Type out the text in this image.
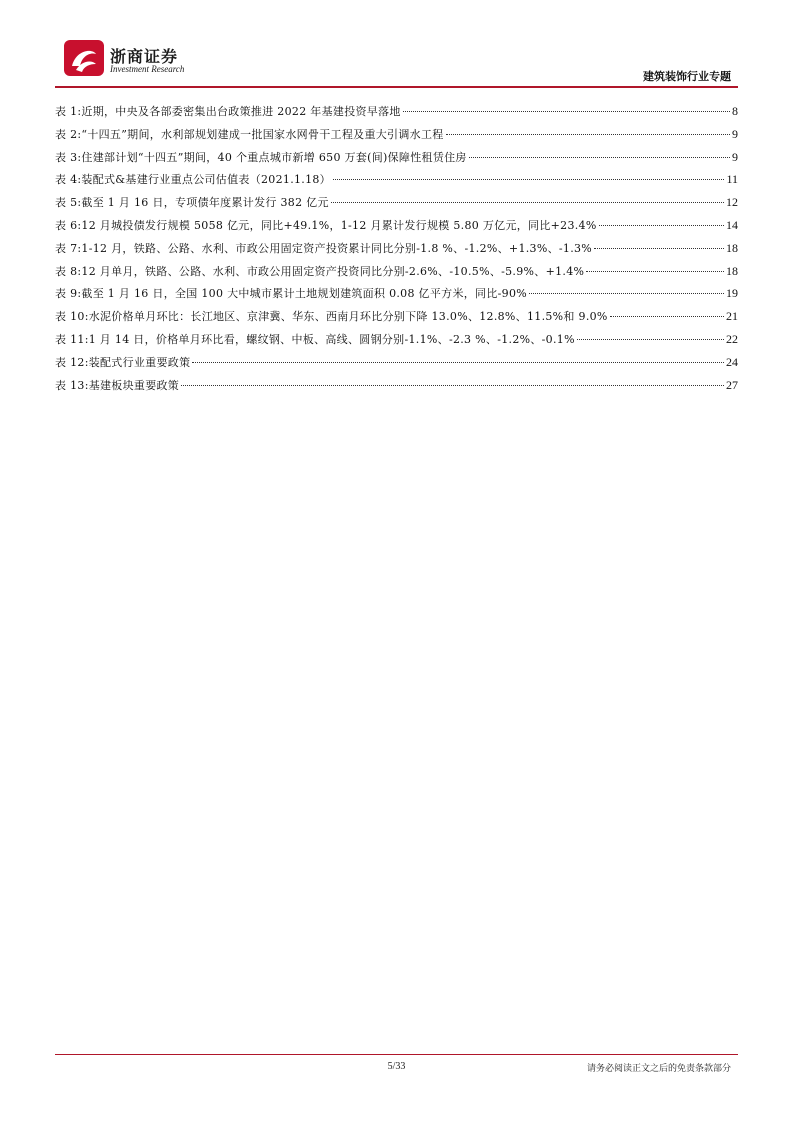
浙商证券
Investment Research
建筑装饰行业专题
表 1: 近期，中央及各部委密集出台政策推进 2022 年基建投资早落地	8
表 2: “十四五”期间，水利部规划建成一批国家水网骨干工程及重大引调水工程	9
表 3: 住建部计划“十四五”期间，40 个重点城市新增 650 万套(间)保障性租赁住房	9
表 4: 装配式&基建行业重点公司估值表（2021.1.18）	11
表 5: 截至 1 月 16 日，专项债年度累计发行 382 亿元	12
表 6: 12 月城投债发行规模 5058 亿元，同比+49.1%，1-12 月累计发行规模 5.80 万亿元，同比+23.4%	14
表 7: 1-12 月，铁路、公路、水利、市政公用固定资产投资累计同比分别-1.8 %、-1.2%、+1.3%、-1.3%	18
表 8: 12 月单月，铁路、公路、水利、市政公用固定资产投资同比分别-2.6%、-10.5%、-5.9%、+1.4%	18
表 9: 截至 1 月 16 日，全国 100 大中城市累计土地规划建筑面积 0.08 亿平方米，同比-90%	19
表 10: 水泥价格单月环比：长江地区、京津冀、华东、西南月环比分别下降 13.0%、12.8%、11.5%和 9.0%	21
表 11: 1 月 14 日，价格单月环比看，螺纹钢、中板、高线、圆钢分别-1.1%、-2.3 %、-1.2%、-0.1%	22
表 12: 装配式行业重要政策	24
表 13: 基建板块重要政策	27
5/33	请务必阅读正文之后的免责条款部分
